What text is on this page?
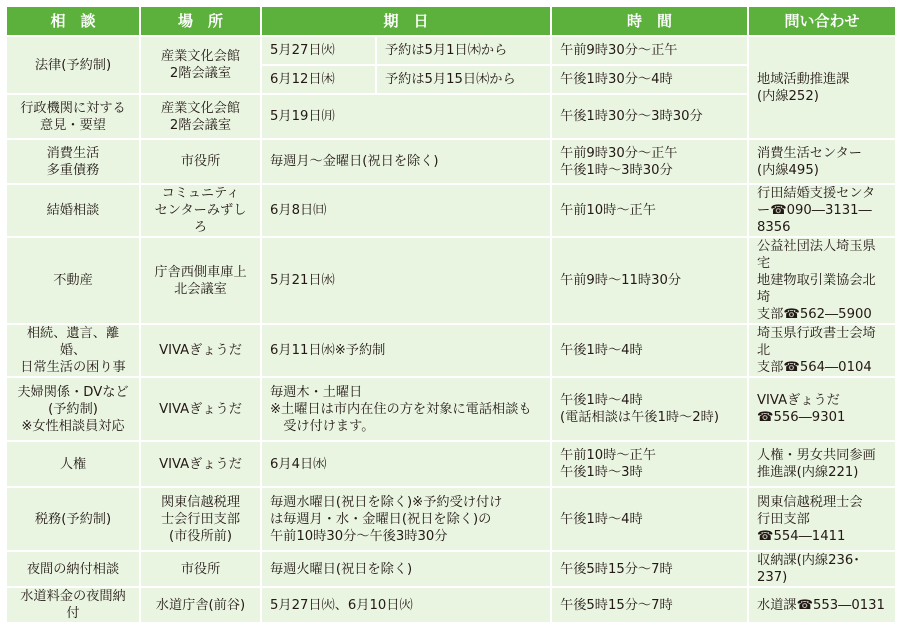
相　談	場　所	期　日		時　間	問い合わせ
法律(予約制)	産業文化会館
2階会議室	5月27日㈫	予約は5月1日㈭から	午前9時30分～正午	地域活動推進課
(内線252)

		6月12日㈭	予約は5月15日㈭から	午後1時30分～4時	

行政機関に対する
意見・要望	産業文化会館
2階会議室	5月19日㈪		午後1時30分～3時30分	

消費生活
多重債務	市役所	毎週月～金曜日(祝日を除く)		午前9時30分～正午
午後1時～3時30分	消費生活センター
(内線495)

結婚相談	コミュニティ
センターみずしろ	6月8日㈰		午前10時～正午	行田結婚支援センタ
ー☎090―3131―
8356

不動産	庁舎西側車庫上
北会議室	5月21日㈬		午前9時～11時30分	公益社団法人埼玉県宅
地建物取引業協会北埼
支部☎562―5900

相続、遺言、離婚、
日常生活の困り事	VIVAぎょうだ	6月11日㈬※予約制		午後1時～4時	埼玉県行政書士会埼北
支部☎564―0104

夫婦関係・DVなど
(予約制)
※女性相談員対応	VIVAぎょうだ	毎週木・土曜日
※土曜日は市内在住の方を対象に電話相談も受け付けます。		午後1時～4時
(電話相談は午後1時～2時)	VIVAぎょうだ
☎556―9301

人権	VIVAぎょうだ	6月4日㈬		午前10時～正午
午後1時～3時	人権・男女共同参画
推進課(内線221)

税務(予約制)	関東信越税理
士会行田支部
(市役所前)	毎週水曜日(祝日を除く)※予約受け付け
は毎週月・水・金曜日(祝日を除く)の
午前10時30分～午後3時30分		午後1時～4時	関東信越税理士会
行田支部
☎554―1411

夜間の納付相談	市役所	毎週火曜日(祝日を除く)		午後5時15分～7時	収納課(内線236･237)
水道料金の夜間納付	水道庁舎(前谷)	5月27日㈫、6月10日㈫		午後5時15分～7時	水道課☎553―0131
